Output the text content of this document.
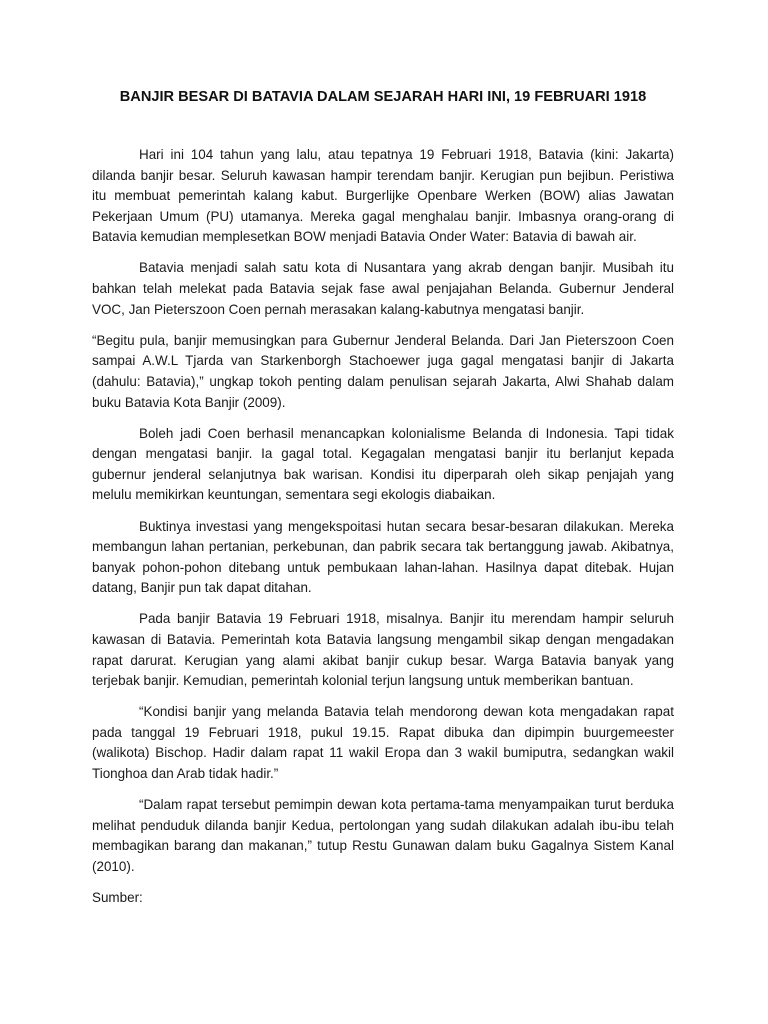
BANJIR BESAR DI BATAVIA DALAM SEJARAH HARI INI, 19 FEBRUARI 1918

Hari ini 104 tahun yang lalu, atau tepatnya 19 Februari 1918, Batavia (kini: Jakarta) dilanda banjir besar. Seluruh kawasan hampir terendam banjir. Kerugian pun bejibun. Peristiwa itu membuat pemerintah kalang kabut. Burgerlijke Openbare Werken (BOW) alias Jawatan Pekerjaan Umum (PU) utamanya. Mereka gagal menghalau banjir. Imbasnya orang-orang di Batavia kemudian memplesetkan BOW menjadi Batavia Onder Water: Batavia di bawah air.

Batavia menjadi salah satu kota di Nusantara yang akrab dengan banjir. Musibah itu bahkan telah melekat pada Batavia sejak fase awal penjajahan Belanda. Gubernur Jenderal VOC, Jan Pieterszoon Coen pernah merasakan kalang-kabutnya mengatasi banjir.

“Begitu pula, banjir memusingkan para Gubernur Jenderal Belanda. Dari Jan Pieterszoon Coen sampai A.W.L Tjarda van Starkenborgh Stachoewer juga gagal mengatasi banjir di Jakarta (dahulu: Batavia),” ungkap tokoh penting dalam penulisan sejarah Jakarta, Alwi Shahab dalam buku Batavia Kota Banjir (2009).

Boleh jadi Coen berhasil menancapkan kolonialisme Belanda di Indonesia. Tapi tidak dengan mengatasi banjir. Ia gagal total. Kegagalan mengatasi banjir itu berlanjut kepada gubernur jenderal selanjutnya bak warisan. Kondisi itu diperparah oleh sikap penjajah yang melulu memikirkan keuntungan, sementara segi ekologis diabaikan.

Buktinya investasi yang mengekspoitasi hutan secara besar-besaran dilakukan. Mereka membangun lahan pertanian, perkebunan, dan pabrik secara tak bertanggung jawab. Akibatnya, banyak pohon-pohon ditebang untuk pembukaan lahan-lahan. Hasilnya dapat ditebak. Hujan datang, Banjir pun tak dapat ditahan.

Pada banjir Batavia 19 Februari 1918, misalnya. Banjir itu merendam hampir seluruh kawasan di Batavia. Pemerintah kota Batavia langsung mengambil sikap dengan mengadakan rapat darurat. Kerugian yang alami akibat banjir cukup besar. Warga Batavia banyak yang terjebak banjir. Kemudian, pemerintah kolonial terjun langsung untuk memberikan bantuan.

“Kondisi banjir yang melanda Batavia telah mendorong dewan kota mengadakan rapat pada tanggal 19 Februari 1918, pukul 19.15. Rapat dibuka dan dipimpin buurgemeester (walikota) Bischop. Hadir dalam rapat 11 wakil Eropa dan 3 wakil bumiputra, sedangkan wakil Tionghoa dan Arab tidak hadir.”

“Dalam rapat tersebut pemimpin dewan kota pertama-tama menyampaikan turut berduka melihat penduduk dilanda banjir Kedua, pertolongan yang sudah dilakukan adalah ibu-ibu telah membagikan barang dan makanan,” tutup Restu Gunawan dalam buku Gagalnya Sistem Kanal (2010).

Sumber:
